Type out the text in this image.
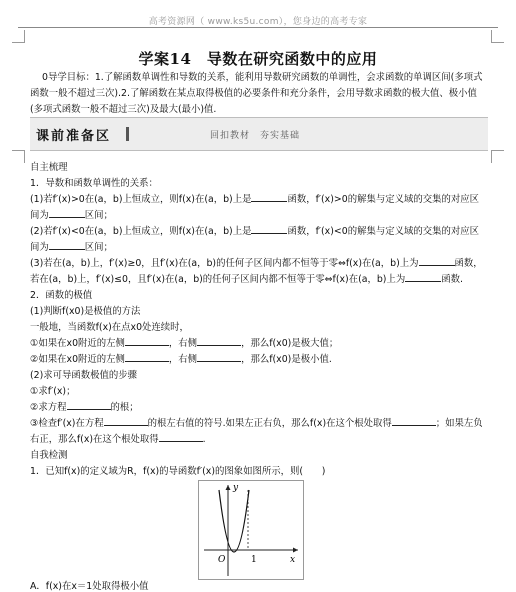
高考资源网（ www.ks5u.com），您身边的高考专家
学案14　导数在研究函数中的应用

0导学目标：1.了解函数单调性和导数的关系，能利用导数研究函数的单调性，会求函数的单调区间(多项式函数一般不超过三次).2.了解函数在某点取得极值的必要条件和充分条件，会用导数求函数的极大值、极小值(多项式函数一般不超过三次)及最大(最小)值.

课前准备区	回扣教材　夯实基础

自主梳理

1．导数和函数单调性的关系：

(1)若f′(x)>0在(a，b)上恒成立，则f(x)在(a，b)上是	函数，f′(x)>0的解集与定义域的交集的对应区间为	区间；

(2)若f′(x)<0在(a，b)上恒成立，则f(x)在(a，b)上是	函数，f′(x)<0的解集与定义域的交集的对应区间为	区间；

(3)若在(a，b)上，f′(x)≥0，且f′(x)在(a，b)的任何子区间内都不恒等于零⇔f(x)在(a，b)上为	函数，若在(a，b)上，f′(x)≤0，且f′(x)在(a，b)的任何子区间内都不恒等于零⇔f(x)在(a，b)上为	函数.

2．函数的极值

(1)判断f(x0)是极值的方法

一般地，当函数f(x)在点x0处连续时，

①如果在x0附近的左侧	，右侧	，那么f(x0)是极大值；

②如果在x0附近的左侧	，右侧	，那么f(x0)是极小值.

(2)求可导函数极值的步骤

①求f′(x)；

②求方程	的根；

③检查f′(x)在方程	的根左右值的符号.如果左正右负，那么f(x)在这个根处取得	；如果左负右正，那么f(x)在这个根处取得	.

自我检测

1．已知f(x)的定义域为R，f(x)的导函数f′(x)的图象如图所示，则(　　)

y
x
O	1
A．f(x)在x＝1处取得极小值
